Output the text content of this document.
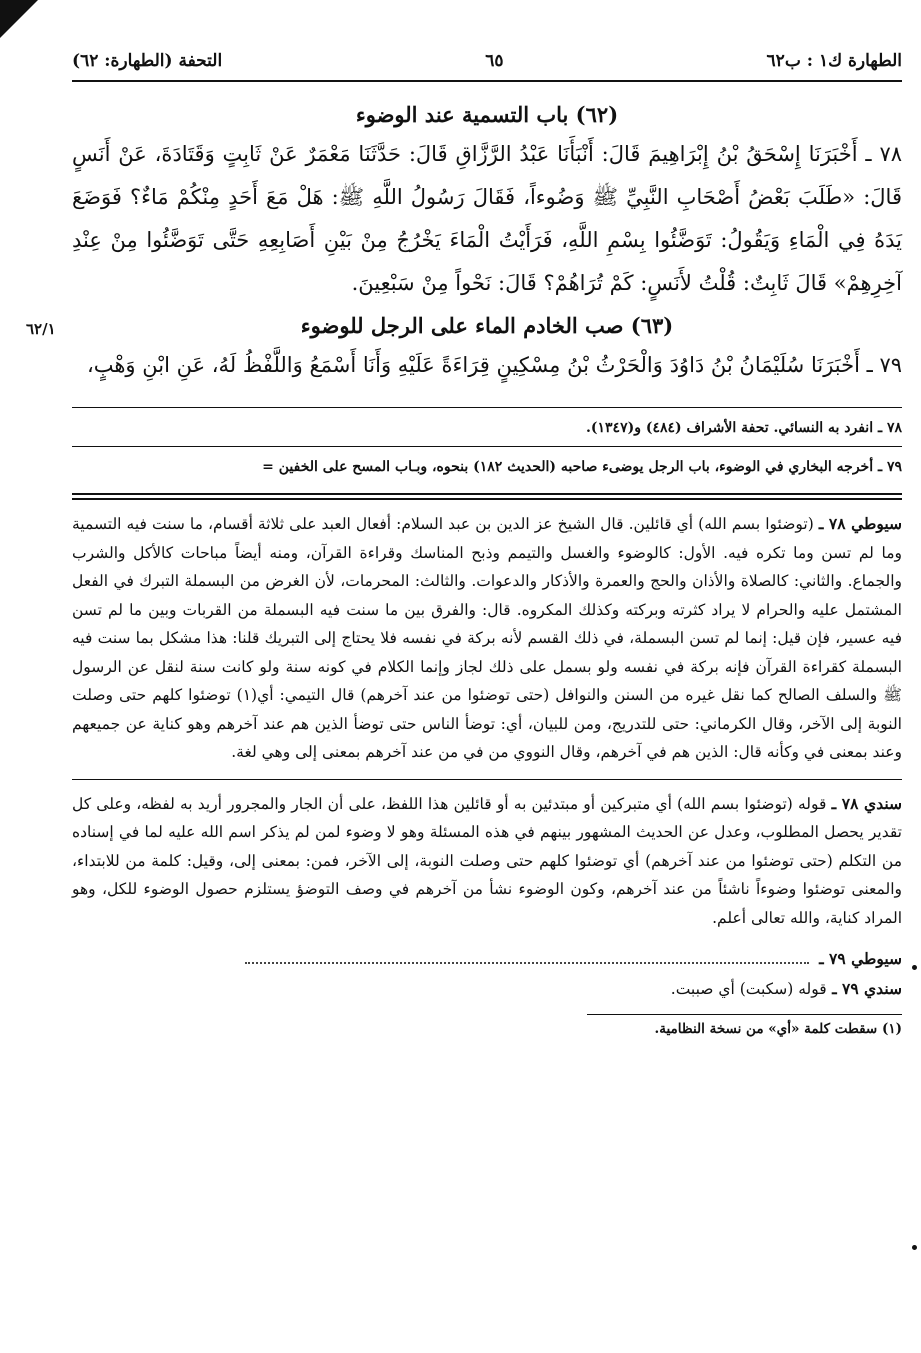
٦٢/١
الطهارة ك١ : ب٦٢
٦٥
التحفة (الطهارة: ٦٢)
(٦٢) باب التسمية عند الوضوء

٧٨ ـ أَخْبَرَنَا إِسْحَقُ بْنُ إِبْرَاهِيمَ قَالَ: أَنْبَأَنَا عَبْدُ الرَّزَّاقِ قَالَ: حَدَّثَنَا مَعْمَرٌ عَنْ ثَابِتٍ وَقَتَادَةَ، عَنْ أَنَسٍ قَالَ: «طَلَبَ بَعْضُ أَصْحَابِ النَّبِيِّ ﷺ وَضُوءاً، فَقَالَ رَسُولُ اللَّهِ ﷺ: هَلْ مَعَ أَحَدٍ مِنْكُمْ مَاءٌ؟ فَوَضَعَ يَدَهُ فِي الْمَاءِ وَيَقُولُ: تَوَضَّئُوا بِسْمِ اللَّهِ، فَرَأَيْتُ الْمَاءَ يَخْرُجُ مِنْ بَيْنِ أَصَابِعِهِ حَتَّى تَوَضَّئُوا مِنْ عِنْدِ آخِرِهِمْ» قَالَ ثَابِتٌ: قُلْتُ لأَنَسٍ: كَمْ تُرَاهُمْ؟ قَالَ: نَحْواً مِنْ سَبْعِينَ.

(٦٣) صب الخادم الماء على الرجل للوضوء

٧٩ ـ أَخْبَرَنَا سُلَيْمَانُ بْنُ دَاوُدَ وَالْحَرْثُ بْنُ مِسْكِينٍ قِرَاءَةً عَلَيْهِ وَأَنَا أَسْمَعُ وَاللَّفْظُ لَهُ، عَنِ ابْنِ وَهْبٍ،

٧٨ ـ انفرد به النسائي. تحفة الأشراف (٤٨٤) و(١٣٤٧).

٧٩ ـ أخرجه البخاري في الوضوء، باب الرجل يوضىء صاحبه (الحديث ١٨٢) بنحوه، وبـاب المسح على الخفين =

سيوطي ٧٨ ـ (توضئوا بسم الله) أي قائلين. قال الشيخ عز الدين بن عبد السلام: أفعال العبد على ثلاثة أقسام، ما سنت فيه التسمية وما لم تسن وما تكره فيه. الأول: كالوضوء والغسل والتيمم وذبح المناسك وقراءة القرآن، ومنه أيضاً مباحات كالأكل والشرب والجماع. والثاني: كالصلاة والأذان والحج والعمرة والأذكار والدعوات. والثالث: المحرمات، لأن الغرض من البسملة التبرك في الفعل المشتمل عليه والحرام لا يراد كثرته وبركته وكذلك المكروه. قال: والفرق بين ما سنت فيه البسملة من القربات وبين ما لم تسن فيه عسير، فإن قيل: إنما لم تسن البسملة، في ذلك القسم لأنه بركة في نفسه فلا يحتاج إلى التبريك قلنا: هذا مشكل بما سنت فيه البسملة كقراءة القرآن فإنه بركة في نفسه ولو بسمل على ذلك لجاز وإنما الكلام في كونه سنة ولو كانت سنة لنقل عن الرسول ﷺ والسلف الصالح كما نقل غيره من السنن والنوافل (حتى توضئوا من عند آخرهم) قال التيمي: أي(١) توضئوا كلهم حتى وصلت النوبة إلى الآخر، وقال الكرماني: حتى للتدريج، ومن للبيان، أي: توضأ الناس حتى توضأ الذين هم عند آخرهم وهو كناية عن جميعهم وعند بمعنى في وكأنه قال: الذين هم في آخرهم، وقال النووي من في من عند آخرهم بمعنى إلى وهي لغة.

سندي ٧٨ ـ قوله (توضئوا بسم الله) أي متبركين أو مبتدئين به أو قائلين هذا اللفظ، على أن الجار والمجرور أريد به لفظه، وعلى كل تقدير يحصل المطلوب، وعدل عن الحديث المشهور بينهم في هذه المسئلة وهو لا وضوء لمن لم يذكر اسم الله عليه لما في إسناده من التكلم (حتى توضئوا من عند آخرهم) أي توضئوا كلهم حتى وصلت النوبة، إلى الآخر، فمن: بمعنى إلى، وقيل: كلمة من للابتداء، والمعنى توضئوا وضوءاً ناشئاً من عند آخرهم، وكون الوضوء نشأ من آخرهم في وصف التوضؤ يستلزم حصول الوضوء للكل، وهو المراد كناية، والله تعالى أعلم.

سيوطي ٧٩ ـ

سندي ٧٩ ـ قوله (سكبت) أي صببت.

(١) سقطت كلمة «أي» من نسخة النظامية.
